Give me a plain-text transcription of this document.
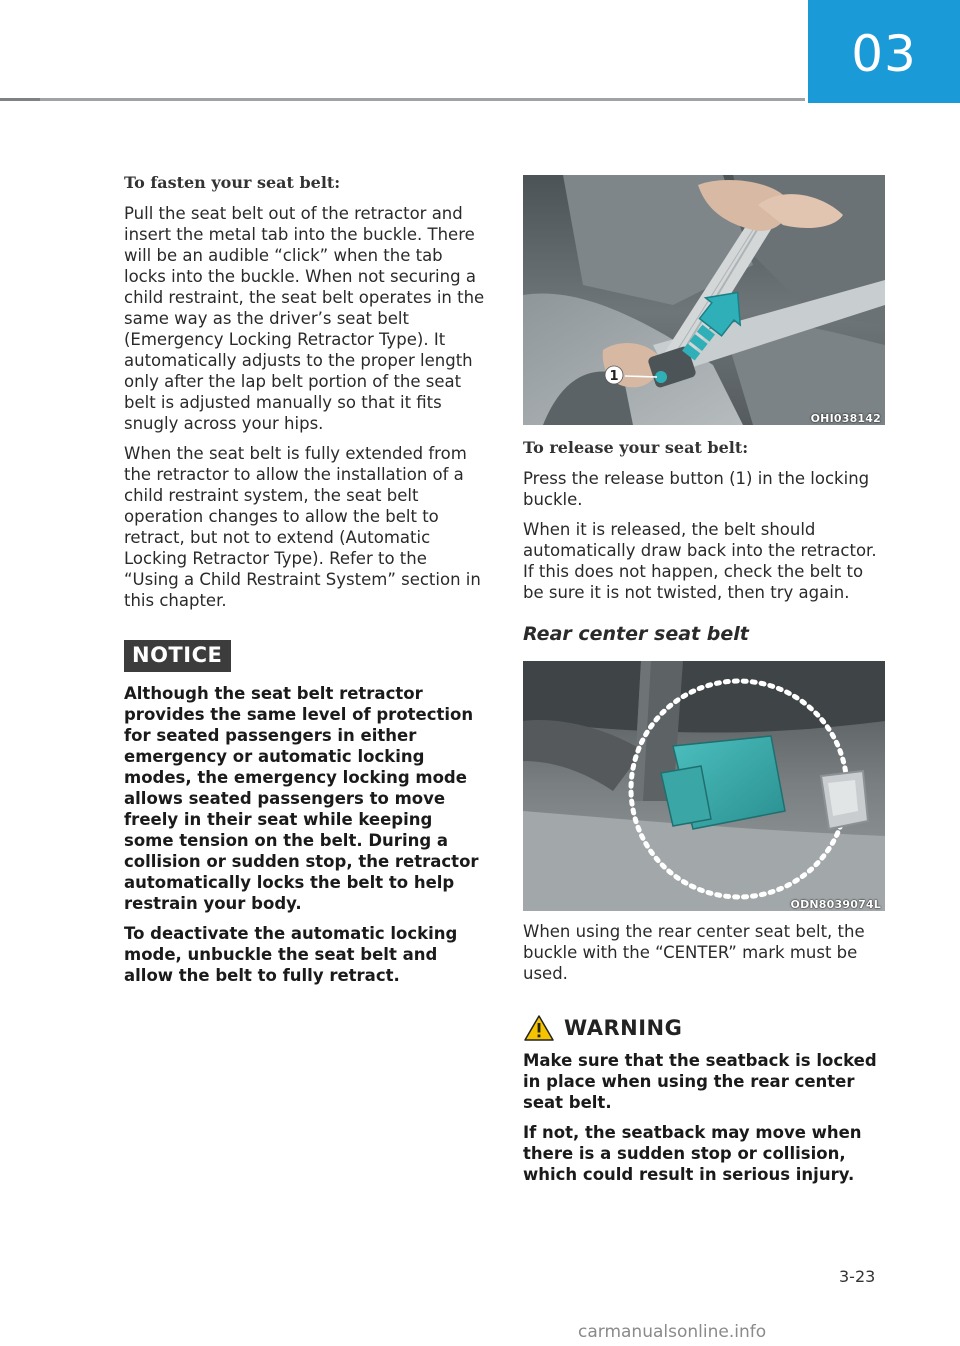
03
To fasten your seat belt:

Pull the seat belt out of the retractor and insert the metal tab into the buckle. There will be an audible “click” when the tab locks into the buckle. When not securing a child restraint, the seat belt operates in the same way as the driver’s seat belt (Emergency Locking Retractor Type). It automatically adjusts to the proper length only after the lap belt portion of the seat belt is adjusted manually so that it fits snugly across your hips.

When the seat belt is fully extended from the retractor to allow the installation of a child restraint system, the seat belt operation changes to allow the belt to retract, but not to extend (Automatic Locking Retractor Type). Refer to the “Using a Child Restraint System” section in this chapter.

NOTICE

Although the seat belt retractor provides the same level of protection for seated passengers in either emergency or automatic locking modes, the emergency locking mode allows seated passengers to move freely in their seat while keeping some tension on the belt. During a collision or sudden stop, the retractor automatically locks the belt to help restrain your body.

To deactivate the automatic locking mode, unbuckle the seat belt and allow the belt to fully retract.

1
OHI038142
To release your seat belt:

Press the release button (1) in the locking buckle.

When it is released, the belt should automatically draw back into the retractor. If this does not happen, check the belt to be sure it is not twisted, then try again.

Rear center seat belt
ODN8039074L

When using the rear center seat belt, the buckle with the “CENTER” mark must be used.

WARNING

Make sure that the seatback is locked in place when using the rear center seat belt.

If not, the seatback may move when there is a sudden stop or collision, which could result in serious injury.

3-23
carmanualsonline.info
